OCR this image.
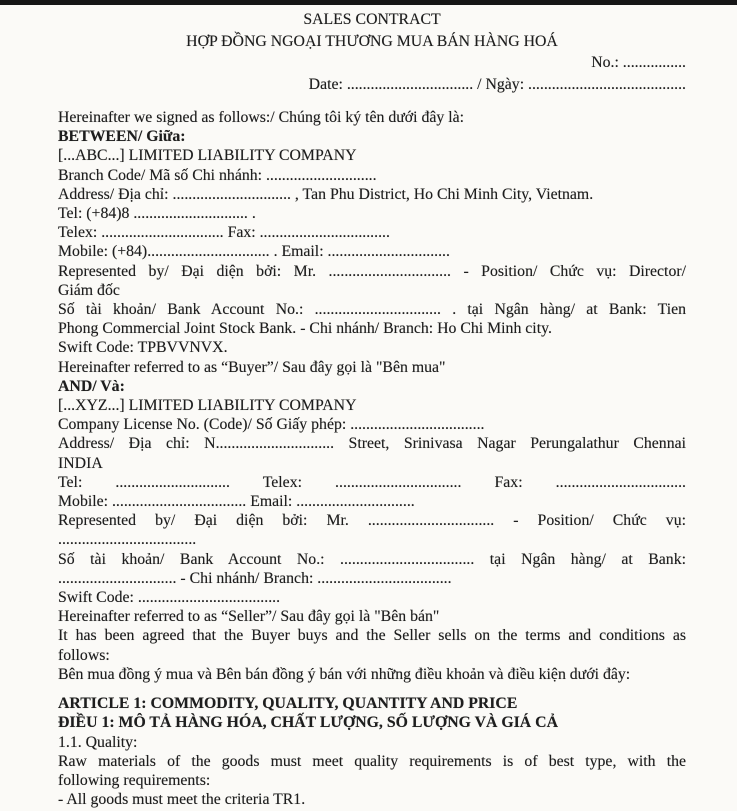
SALES CONTRACT

HỢP ĐỒNG NGOẠI THƯƠNG MUA BÁN HÀNG HOÁ

No.: ................

Date: ................................ / Ngày: ........................................

Hereinafter we signed as follows:/ Chúng tôi ký tên dưới đây là:

BETWEEN/ Giữa:

[...ABC...] LIMITED LIABILITY COMPANY

Branch Code/ Mã số Chi nhánh: ............................

Address/ Địa chỉ: .............................. , Tan Phu District, Ho Chi Minh City, Vietnam.

Tel: (+84)8 ............................. .

Telex: ............................... Fax: .................................

Mobile: (+84)............................... . Email: ...............................

Represented by/ Đại diện bởi: Mr. ............................... - Position/ Chức vụ: Director/

Giám đốc

Số tài khoản/ Bank Account No.: ................................ . tại Ngân hàng/ at Bank: Tien

Phong Commercial Joint Stock Bank. - Chi nhánh/ Branch: Ho Chi Minh city.

Swift Code: TPBVVNVX.

Hereinafter referred to as “Buyer”/ Sau đây gọi là "Bên mua"

AND/ Và:

[...XYZ...] LIMITED LIABILITY COMPANY

Company License No. (Code)/ Số Giấy phép: ..................................

Address/ Địa chỉ: N.............................. Street, Srinivasa Nagar Perungalathur Chennai

INDIA

Tel: ............................. Telex: ................................ Fax: .................................

Mobile: .................................. Email: ..............................

Represented by/ Đại diện bởi: Mr. ................................ - Position/ Chức vụ:

...................................

Số tài khoản/ Bank Account No.: .................................. tại Ngân hàng/ at Bank:

.............................. - Chi nhánh/ Branch: ..................................

Swift Code: ....................................

Hereinafter referred to as “Seller”/ Sau đây gọi là "Bên bán"

It has been agreed that the Buyer buys and the Seller sells on the terms and conditions as

follows:

Bên mua đồng ý mua và Bên bán đồng ý bán với những điều khoản và điều kiện dưới đây:

ARTICLE 1: COMMODITY, QUALITY, QUANTITY AND PRICE

ĐIỀU 1: MÔ TẢ HÀNG HÓA, CHẤT LƯỢNG, SỐ LƯỢNG VÀ GIÁ CẢ

1.1. Quality:

Raw materials of the goods must meet quality requirements is of best type, with the

following requirements:

- All goods must meet the criteria TR1.
